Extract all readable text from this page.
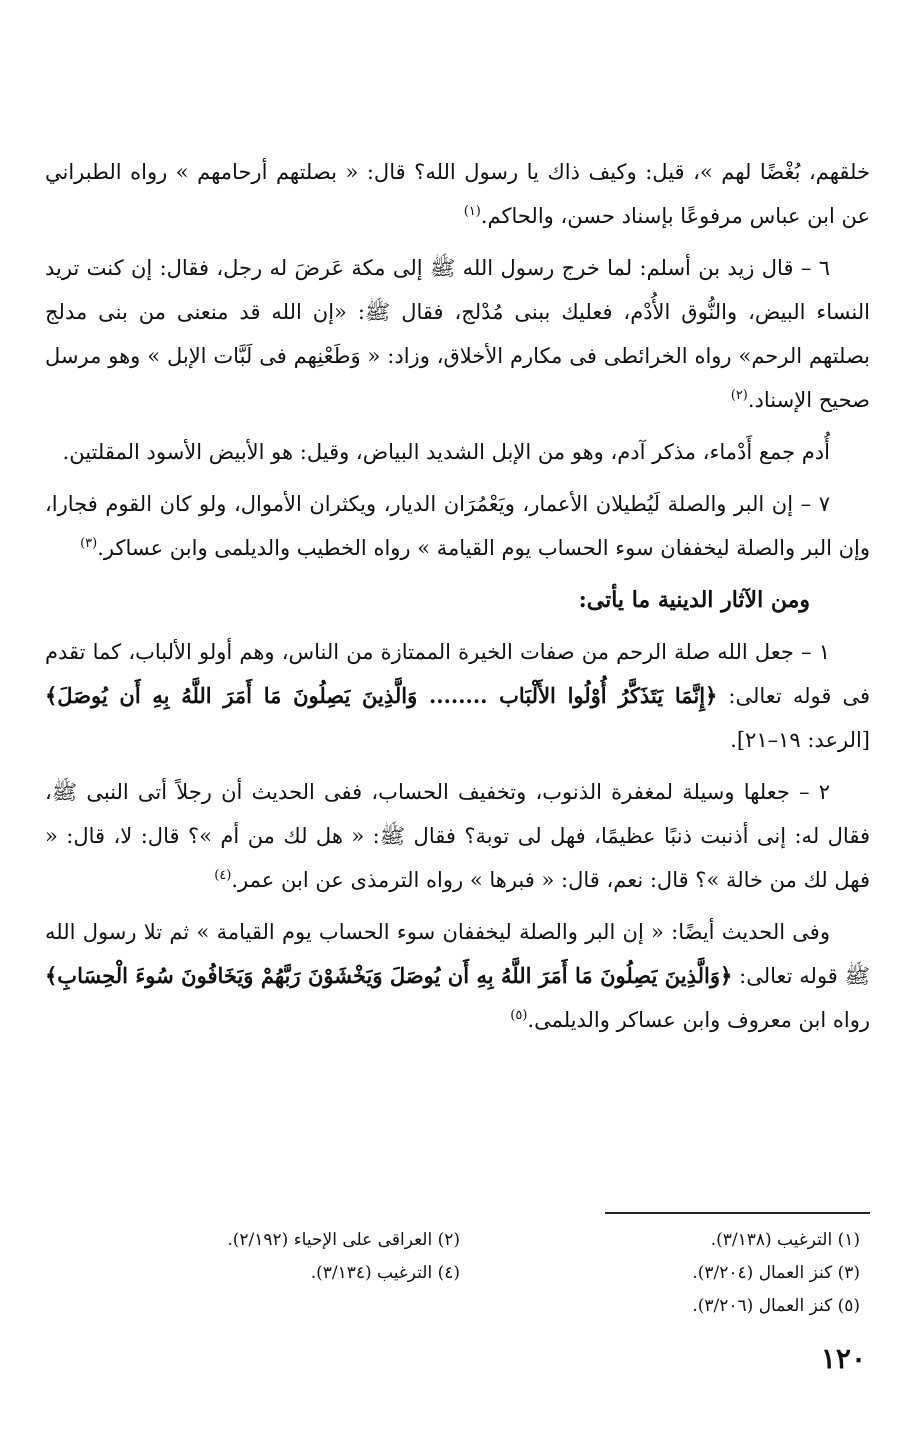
خلقهم، بُغْضًا لهم »، قيل: وكيف ذاك يا رسول الله؟ قال: « بصلتهم أرحامهم » رواه الطبراني عن ابن عباس مرفوعًا بإسناد حسن، والحاكم.$^{(١)}$

٦ – قال زيد بن أسلم: لما خرج رسول الله ﷺ إلى مكة عَرضَ له رجل، فقال: إن كنت تريد النساء البيض، والنُّوق الأُدْم، فعليك ببنى مُدْلج، فقال ﷺ: «إن الله قد منعنى من بنى مدلج بصلتهم الرحم» رواه الخرائطى فى مكارم الأخلاق، وزاد: « وَطَعْنِهم فى لَبَّات الإبل » وهو مرسل صحيح الإسناد.$^{(٢)}$

أُدم جمع أَدْماء، مذكر آدم، وهو من الإبل الشديد البياض، وقيل: هو الأبيض الأسود المقلتين.

٧ – إن البر والصلة لَيُطيلان الأعمار، ويَعْمُرَان الديار، ويكثران الأموال، ولو كان القوم فجارا، وإن البر والصلة ليخففان سوء الحساب يوم القيامة » رواه الخطيب والديلمى وابن عساكر.$^{(٣)}$

ومن الآثار الدينية ما يأتى:

١ – جعل الله صلة الرحم من صفات الخيرة الممتازة من الناس، وهم أولو الألباب، كما تقدم فى قوله تعالى: ﴿إِنَّمَا يَتَذَكَّرُ أُوْلُوا الأَلْبَاب ........ وَالَّذِينَ يَصِلُونَ مَا أَمَرَ اللَّهُ بِهِ أَن يُوصَلَ﴾ [الرعد: ١٩–٢١].

٢ – جعلها وسيلة لمغفرة الذنوب، وتخفيف الحساب، ففى الحديث أن رجلاً أتى النبى ﷺ، فقال له: إنى أذنبت ذنبًا عظيمًا، فهل لى توبة؟ فقال ﷺ: « هل لك من أم »؟ قال: لا، قال: « فهل لك من خالة »؟ قال: نعم، قال: « فبرها » رواه الترمذى عن ابن عمر.$^{(٤)}$

وفى الحديث أيضًا: « إن البر والصلة ليخففان سوء الحساب يوم القيامة » ثم تلا رسول الله ﷺ قوله تعالى: ﴿وَالَّذِينَ يَصِلُونَ مَا أَمَرَ اللَّهُ بِهِ أَن يُوصَلَ وَيَخْشَوْنَ رَبَّهُمْ وَيَخَافُونَ سُوءَ الْحِسَابِ﴾ رواه ابن معروف وابن عساكر والديلمى.$^{(٥)}$

(١) الترغيب (٣/١٣٨).
(٢) العراقى على الإحياء (٢/١٩٢).
(٣) كنز العمال (٣/٢٠٤).
(٤) الترغيب (٣/١٣٤).
(٥) كنز العمال (٣/٢٠٦).
١٢٠
